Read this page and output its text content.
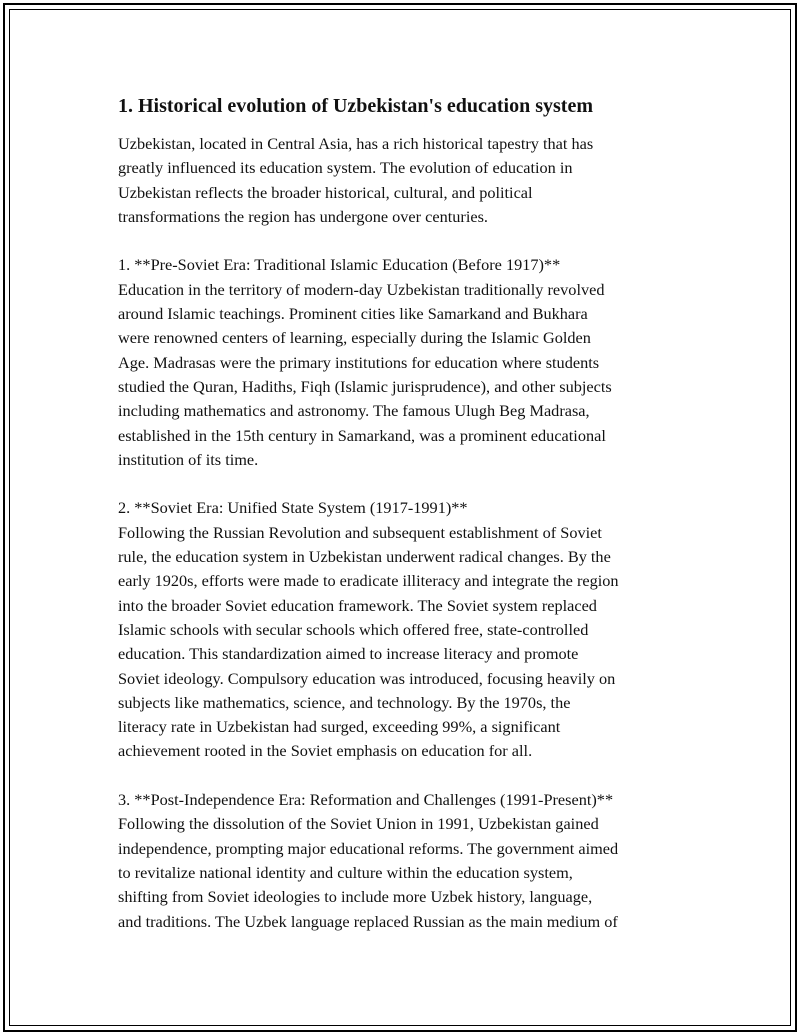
1. Historical evolution of Uzbekistan's education system

Uzbekistan, located in Central Asia, has a rich historical tapestry that has
greatly influenced its education system. The evolution of education in
Uzbekistan reflects the broader historical, cultural, and political
transformations the region has undergone over centuries.

1. **Pre-Soviet Era: Traditional Islamic Education (Before 1917)**
Education in the territory of modern-day Uzbekistan traditionally revolved
around Islamic teachings. Prominent cities like Samarkand and Bukhara
were renowned centers of learning, especially during the Islamic Golden
Age. Madrasas were the primary institutions for education where students
studied the Quran, Hadiths, Fiqh (Islamic jurisprudence), and other subjects
including mathematics and astronomy. The famous Ulugh Beg Madrasa,
established in the 15th century in Samarkand, was a prominent educational
institution of its time.

2. **Soviet Era: Unified State System (1917-1991)**
Following the Russian Revolution and subsequent establishment of Soviet
rule, the education system in Uzbekistan underwent radical changes. By the
early 1920s, efforts were made to eradicate illiteracy and integrate the region
into the broader Soviet education framework. The Soviet system replaced
Islamic schools with secular schools which offered free, state-controlled
education. This standardization aimed to increase literacy and promote
Soviet ideology. Compulsory education was introduced, focusing heavily on
subjects like mathematics, science, and technology. By the 1970s, the
literacy rate in Uzbekistan had surged, exceeding 99%, a significant
achievement rooted in the Soviet emphasis on education for all.

3. **Post-Independence Era: Reformation and Challenges (1991-Present)**
Following the dissolution of the Soviet Union in 1991, Uzbekistan gained
independence, prompting major educational reforms. The government aimed
to revitalize national identity and culture within the education system,
shifting from Soviet ideologies to include more Uzbek history, language,
and traditions. The Uzbek language replaced Russian as the main medium of
